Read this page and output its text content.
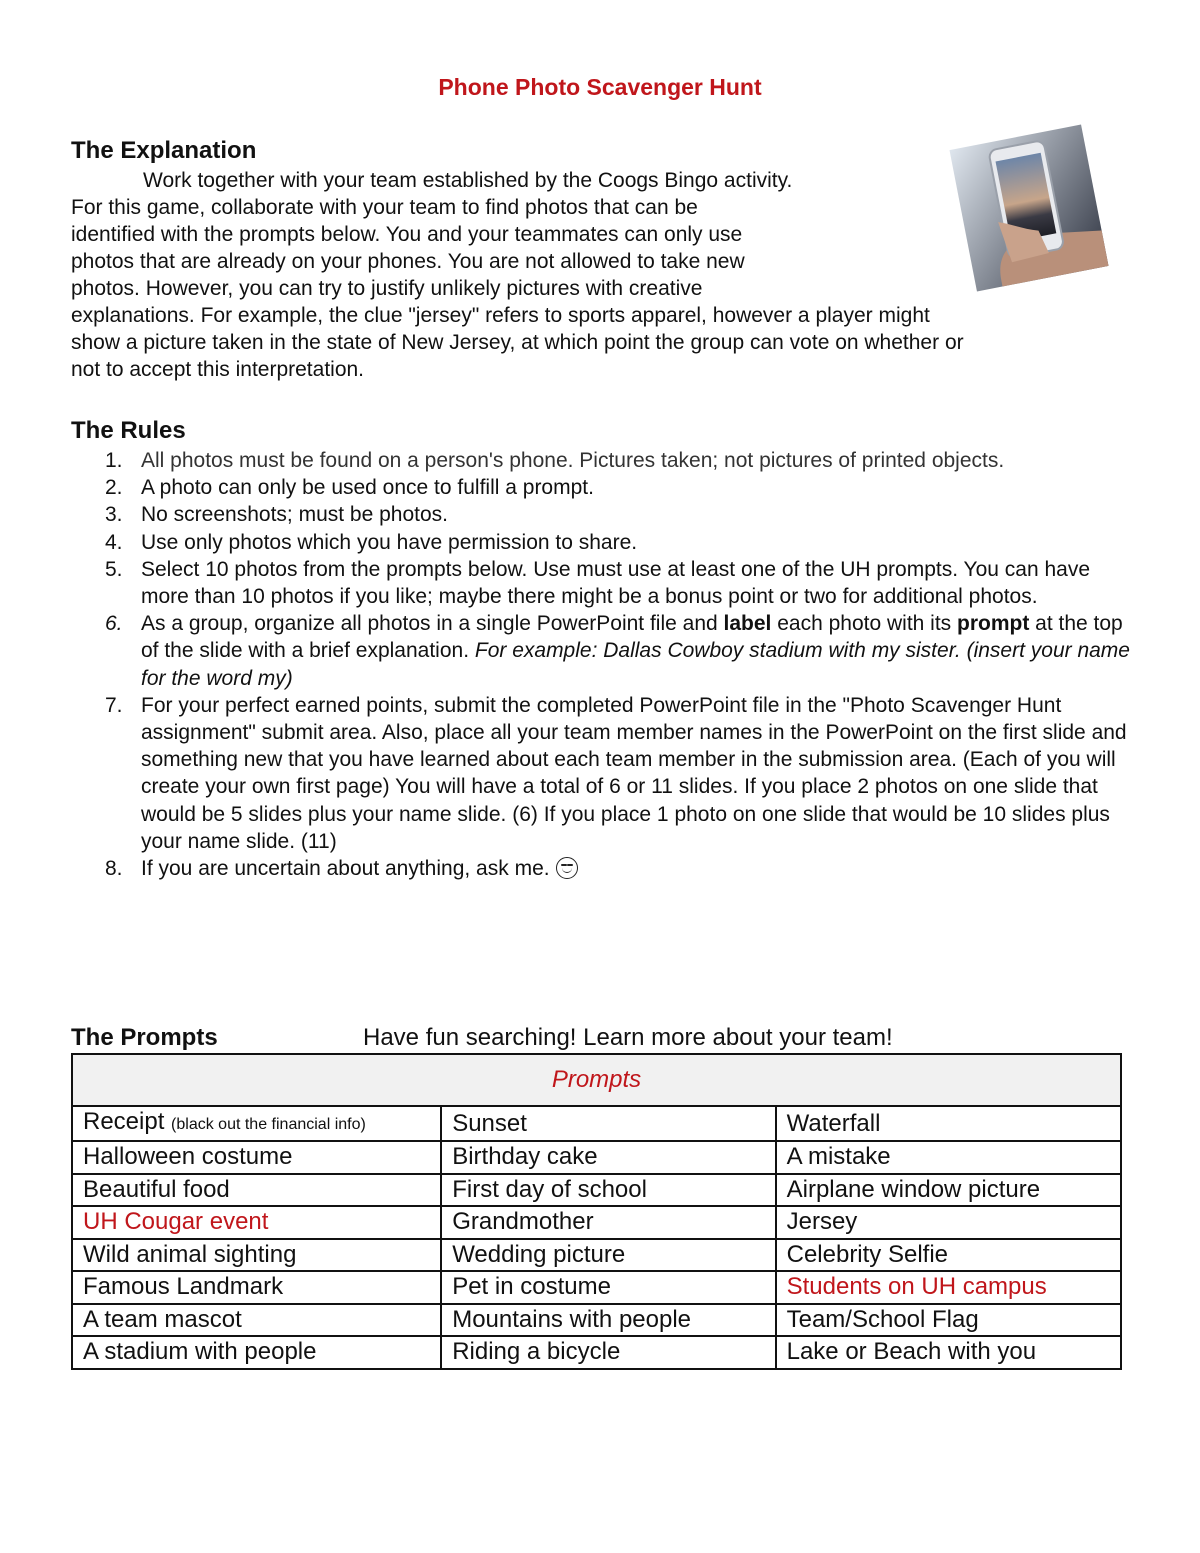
Phone Photo Scavenger Hunt
The Explanation

Work together with your team established by the Coogs Bingo activity.

For this game, collaborate with your team to find photos that can be

identified with the prompts below. You and your teammates can only use

photos that are already on your phones. You are not allowed to take new

photos. However, you can try to justify unlikely pictures with creative

explanations. For example, the clue "jersey" refers to sports apparel, however a player might

show a picture taken in the state of New Jersey, at which point the group can vote on whether or

not to accept this interpretation.

The Rules
1. All photos must be found on a person's phone. Pictures taken; not pictures of printed objects.
2. A photo can only be used once to fulfill a prompt.
3. No screenshots; must be photos.
4. Use only photos which you have permission to share.
5. Select 10 photos from the prompts below. Use must use at least one of the UH prompts. You can have more than 10 photos if you like; maybe there might be a bonus point or two for additional photos.
6. As a group, organize all photos in a single PowerPoint file and label each photo with its prompt at the top of the slide with a brief explanation. For example: Dallas Cowboy stadium with my sister. (insert your name for the word my)
7. For your perfect earned points, submit the completed PowerPoint file in the "Photo Scavenger Hunt assignment" submit area. Also, place all your team member names in the PowerPoint on the first slide and something new that you have learned about each team member in the submission area. (Each of you will create your own first page) You will have a total of 6 or 11 slides. If you place 2 photos on one slide that would be 5 slides plus your name slide. (6) If you place 1 photo on one slide that would be 10 slides plus your name slide. (11)
8. If you are uncertain about anything, ask me.
The Prompts	Have fun searching! Learn more about your team!
Prompts		
Receipt (black out the financial info)	Sunset	Waterfall
Halloween costume	Birthday cake	A mistake
Beautiful food	First day of school	Airplane window picture
UH Cougar event	Grandmother	Jersey
Wild animal sighting	Wedding picture	Celebrity Selfie
Famous Landmark	Pet in costume	Students on UH campus
A team mascot	Mountains with people	Team/School Flag
A stadium with people	Riding a bicycle	Lake or Beach with you
